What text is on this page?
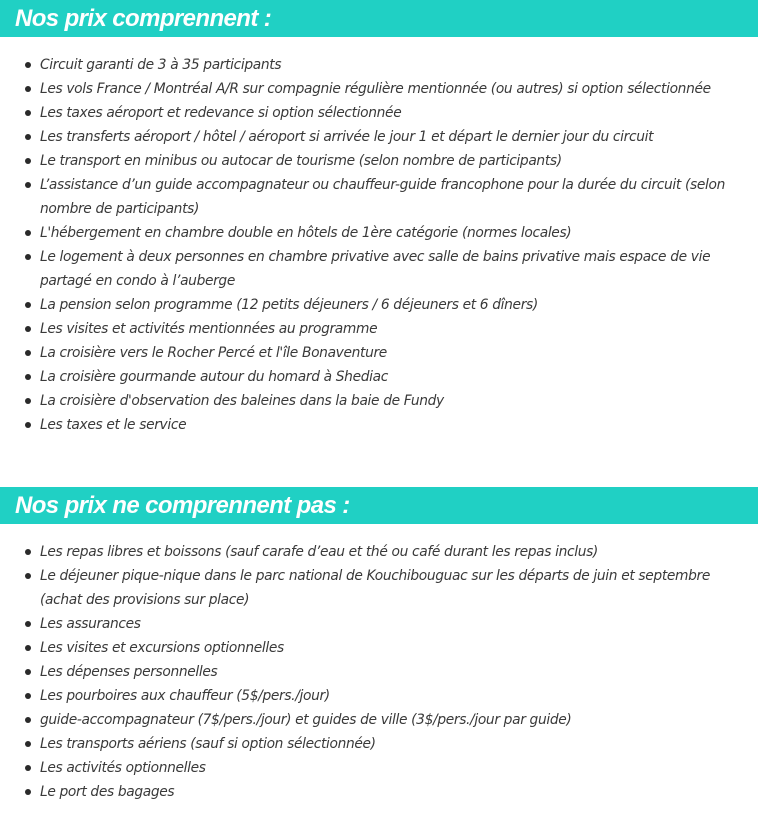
Nos prix comprennent :
Circuit garanti de 3 à 35 participants
Les vols France / Montréal A/R sur compagnie régulière mentionnée (ou autres) si option sélectionnée
Les taxes aéroport et redevance si option sélectionnée
Les transferts aéroport / hôtel / aéroport si arrivée le jour 1 et départ le dernier jour du circuit
Le transport en minibus ou autocar de tourisme (selon nombre de participants)
L’assistance d’un guide accompagnateur ou chauffeur-guide francophone pour la durée du circuit (selon nombre de participants)
L'hébergement en chambre double en hôtels de 1ère catégorie (normes locales)
Le logement à deux personnes en chambre privative avec salle de bains privative mais espace de vie partagé en condo à l’auberge
La pension selon programme (12 petits déjeuners / 6 déjeuners et 6 dîners)
Les visites et activités mentionnées au programme
La croisière vers le Rocher Percé et l'île Bonaventure
La croisière gourmande autour du homard à Shediac
La croisière d'observation des baleines dans la baie de Fundy
Les taxes et le service
Nos prix ne comprennent pas :
Les repas libres et boissons (sauf carafe d’eau et thé ou café durant les repas inclus)
Le déjeuner pique-nique dans le parc national de Kouchibouguac sur les départs de juin et septembre (achat des provisions sur place)
Les assurances
Les visites et excursions optionnelles
Les dépenses personnelles
Les pourboires aux chauffeur (5$/pers./jour)
guide-accompagnateur (7$/pers./jour) et guides de ville (3$/pers./jour par guide)
Les transports aériens (sauf si option sélectionnée)
Les activités optionnelles
Le port des bagages
